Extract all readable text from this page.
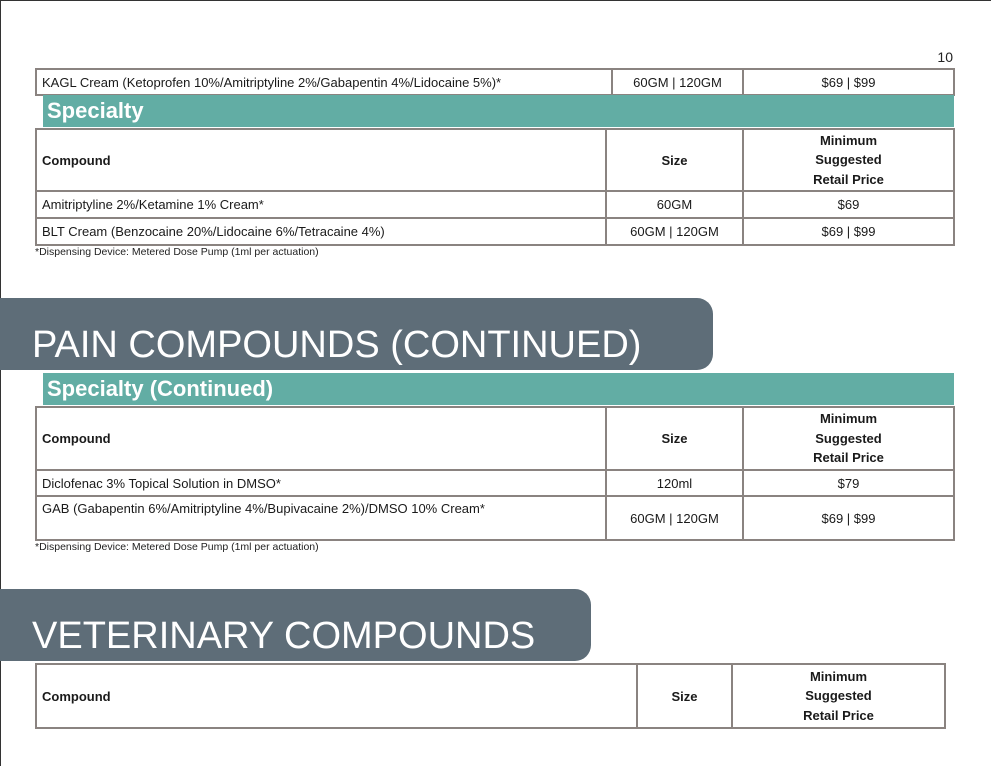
10
KAGL Cream (Ketoprofen 10%/Amitriptyline 2%/Gabapentin 4%/Lidocaine 5%)*	60GM | 120GM	$69 | $99
Specialty
Compound	Size	Minimum
Suggested
Retail Price

Amitriptyline 2%/Ketamine 1% Cream*	60GM	$69
BLT Cream (Benzocaine 20%/Lidocaine 6%/Tetracaine 4%)	60GM | 120GM	$69 | $99
*Dispensing Device: Metered Dose Pump (1ml per actuation)
PAIN COMPOUNDS (CONTINUED)
Specialty (Continued)
Compound	Size	Minimum
Suggested
Retail Price

Diclofenac 3% Topical Solution in DMSO*	120ml	$79
GAB (Gabapentin 6%/Amitriptyline 4%/Bupivacaine 2%)/DMSO 10% Cream*	60GM | 120GM	$69 | $99
*Dispensing Device: Metered Dose Pump (1ml per actuation)
VETERINARY COMPOUNDS
Compound	Size	
Minimum
Suggested
Retail Price
